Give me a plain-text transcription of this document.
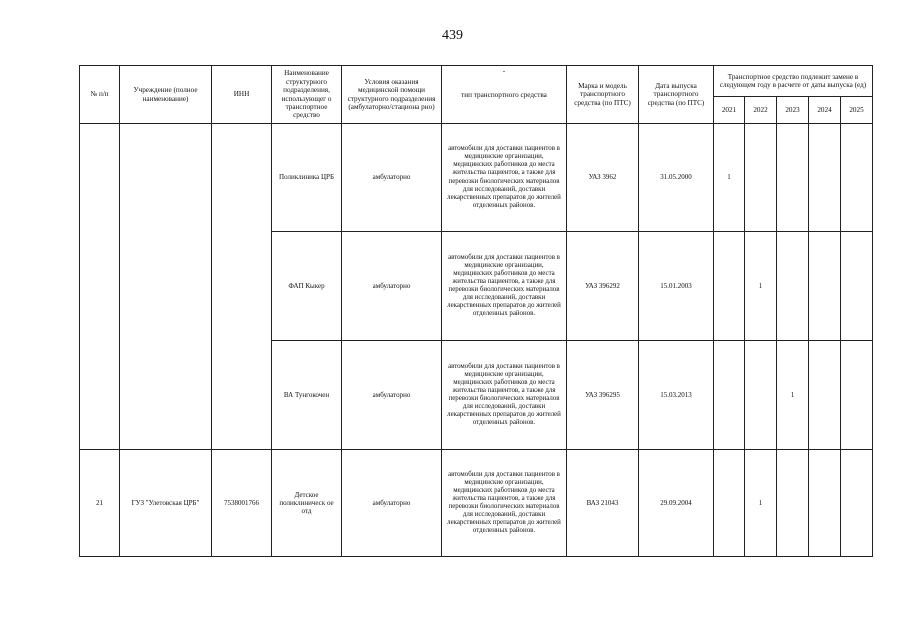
439
№ п/п	Учреждение (полное наименование)	ИНН	Наименование структурного подразделения, использующег о транспортное средство	Условия оказания медицинской помощи структурного подразделения (амбулаторно/стациона рно)	-
тип транспортного средства	Марка и модель транспортного средства (по ПТС)	Дата выпуска транспортного средства (по ПТС)	Транспортное средство подлежит замене в следующем году в расчете от даты выпуска (ед)				
								2021	2022	2023	2024	2025
			Поликлиника ЦРБ	амбулаторно	автомобили для доставки пациентов в медицинские организации, медицинских работников до места жительства пациентов, а также для перевозки биологических материалов для исследований, доставки лекарственных препаратов до жителей отделенных районов.	УАЗ 3962	31.05.2000	1				
			ФАП Кыкер	амбулаторно	автомобили для доставки пациентов в медицинские организации, медицинских работников до места жительства пациентов, а также для перевозки биологических материалов для исследований, доставки лекарственных препаратов до жителей отделенных районов.	УАЗ 396292	15.01.2003		1			
			ВА Тунгокочен	амбулаторно	автомобили для доставки пациентов в медицинские организации, медицинских работников до места жительства пациентов, а также для перевозки биологических материалов для исследований, доставки лекарственных препаратов до жителей отделенных районов.	УАЗ 396295	15.03.2013			1		
21	ГУЗ "Улетовская ЦРБ"	7538001766	Детское поликлиническ ое отд	амбулаторно	автомобили для доставки пациентов в медицинские организации, медицинских работников до места жительства пациентов, а также для перевозки биологических материалов для исследований, доставки лекарственных препаратов до жителей отделенных районов.	ВАЗ 21043	29.09.2004		1			
